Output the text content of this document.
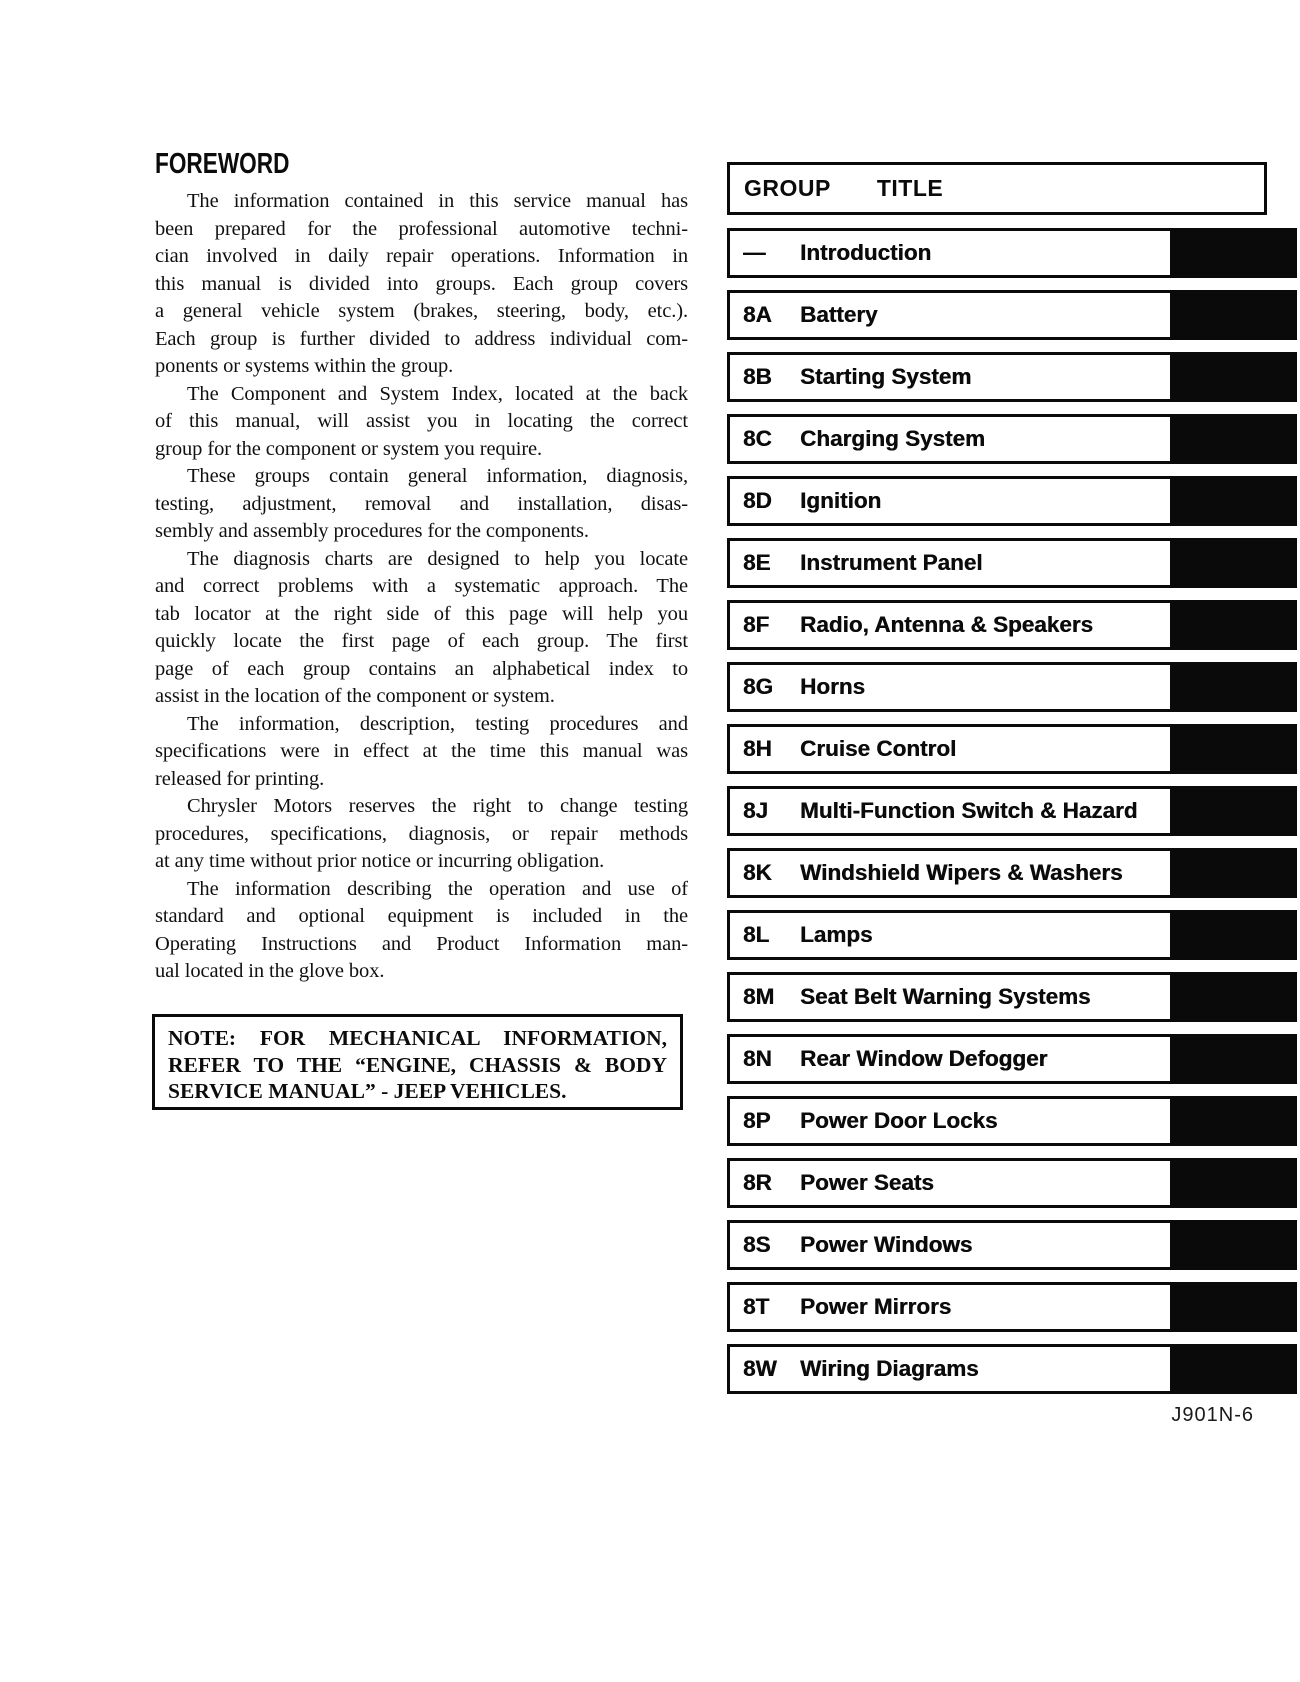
FOREWORD
The information contained in this service manual has
been prepared for the professional automotive techni-
cian involved in daily repair operations. Information in
this manual is divided into groups. Each group covers
a general vehicle system (brakes, steering, body, etc.).
Each group is further divided to address individual com-
ponents or systems within the group.
The Component and System Index, located at the back
of this manual, will assist you in locating the correct
group for the component or system you require.
These groups contain general information, diagnosis,
testing, adjustment, removal and installation, disas-
sembly and assembly procedures for the components.
The diagnosis charts are designed to help you locate
and correct problems with a systematic approach. The
tab locator at the right side of this page will help you
quickly locate the first page of each group. The first
page of each group contains an alphabetical index to
assist in the location of the component or system.
The information, description, testing procedures and
specifications were in effect at the time this manual was
released for printing.
Chrysler Motors reserves the right to change testing
procedures, specifications, diagnosis, or repair methods
at any time without prior notice or incurring obligation.
The information describing the operation and use of
standard and optional equipment is included in the
Operating Instructions and Product Information man-
ual located in the glove box.
NOTE: FOR MECHANICAL INFORMATION,
REFER TO THE “ENGINE, CHASSIS & BODY
SERVICE MANUAL” - JEEP VEHICLES.
GROUP TITLE
—	Introduction
8A	Battery
8B	Starting System
8C	Charging System
8D	Ignition
8E	Instrument Panel
8F	Radio, Antenna & Speakers
8G	Horns
8H	Cruise Control
8J	Multi-Function Switch & Hazard
8K	Windshield Wipers & Washers
8L	Lamps
8M	Seat Belt Warning Systems
8N	Rear Window Defogger
8P	Power Door Locks
8R	Power Seats
8S	Power Windows
8T	Power Mirrors
8W	Wiring Diagrams
J901N-6
